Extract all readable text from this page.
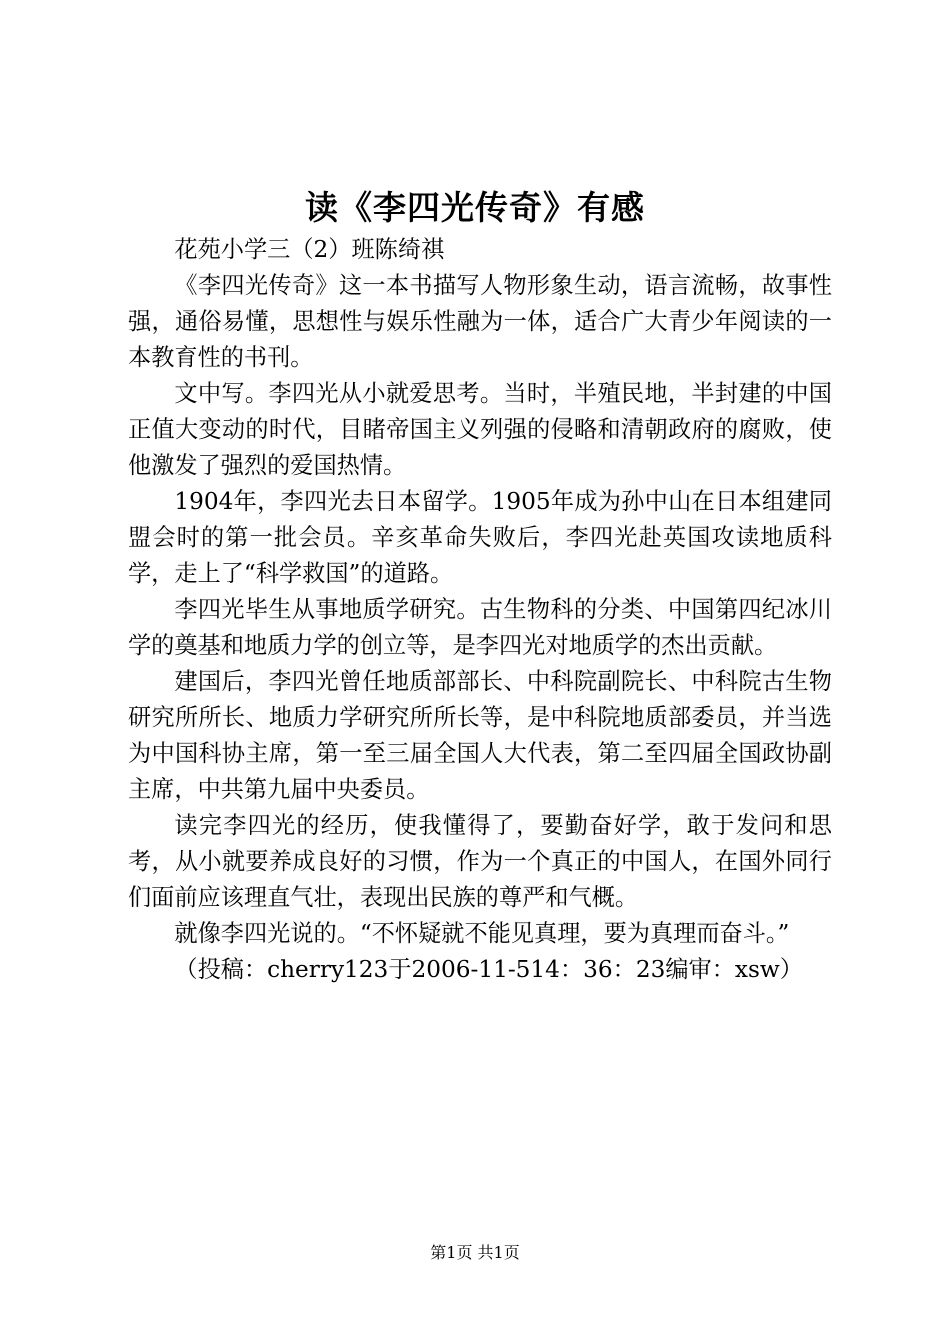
读《李四光传奇》有感

花苑小学三（2）班陈绮祺

《李四光传奇》这一本书描写人物形象生动，语言流畅，故事性强，通俗易懂，思想性与娱乐性融为一体，适合广大青少年阅读的一本教育性的书刊。

文中写。李四光从小就爱思考。当时，半殖民地，半封建的中国正值大变动的时代，目睹帝国主义列强的侵略和清朝政府的腐败，使他激发了强烈的爱国热情。

1904年，李四光去日本留学。1905年成为孙中山在日本组建同盟会时的第一批会员。辛亥革命失败后，李四光赴英国攻读地质科学，走上了“科学救国”的道路。

李四光毕生从事地质学研究。古生物科的分类、中国第四纪冰川学的奠基和地质力学的创立等，是李四光对地质学的杰出贡献。

建国后，李四光曾任地质部部长、中科院副院长、中科院古生物研究所所长、地质力学研究所所长等，是中科院地质部委员，并当选为中国科协主席，第一至三届全国人大代表，第二至四届全国政协副主席，中共第九届中央委员。

读完李四光的经历，使我懂得了，要勤奋好学，敢于发问和思考，从小就要养成良好的习惯，作为一个真正的中国人，在国外同行们面前应该理直气壮，表现出民族的尊严和气概。

就像李四光说的。“不怀疑就不能见真理，要为真理而奋斗。”

（投稿：cherry123于2006-11-514：36：23编审：xsw）

第1页 共1页
